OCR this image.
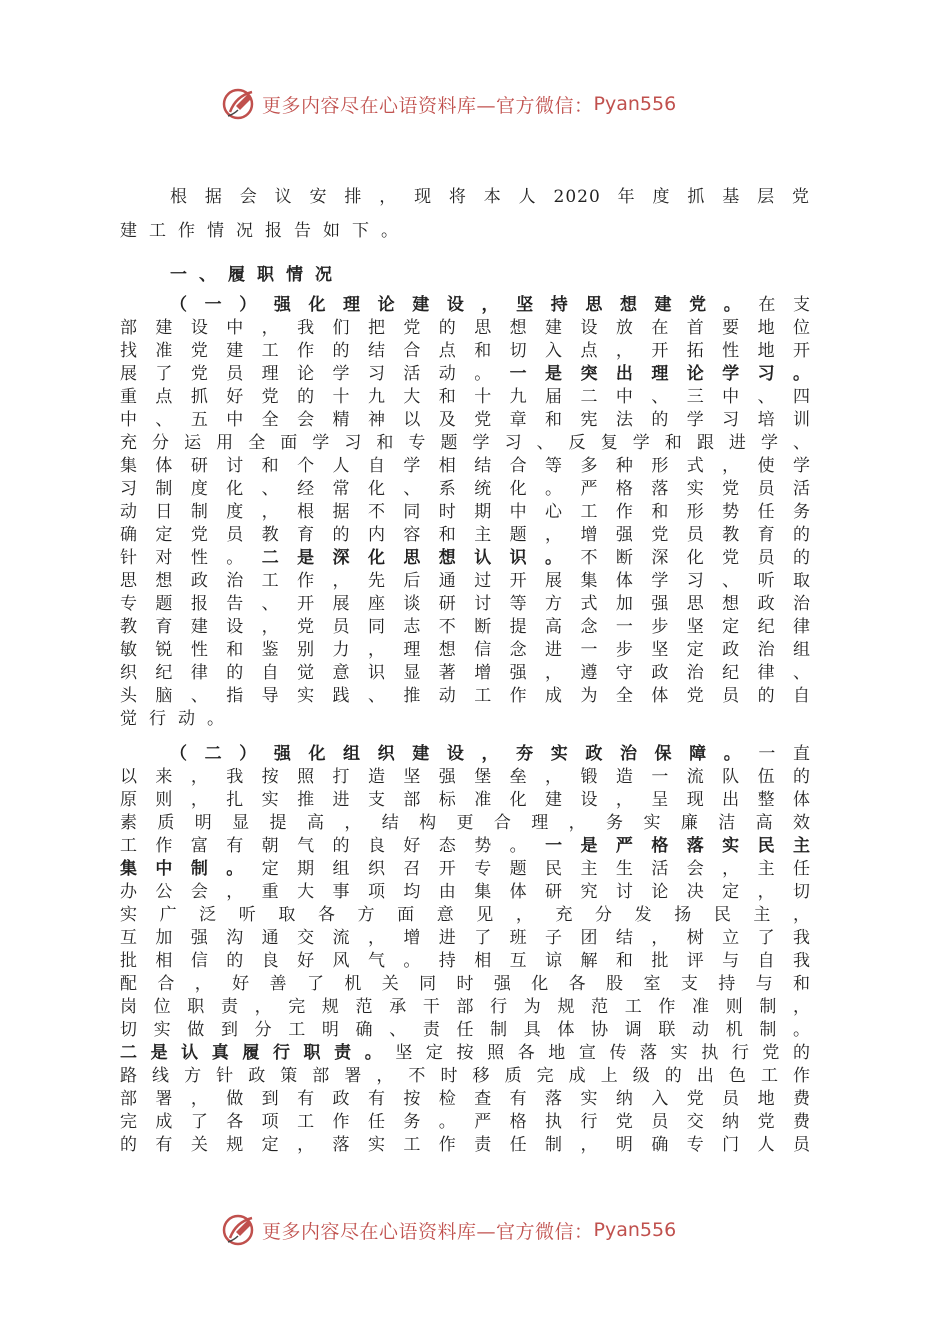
更多内容尽在心语资料库—官方微信： Pyan556
根据会议安排，现将本人2020年度抓基层党
建工作情况报告如下。
一、履职情况
（一）强化理论建设，坚持思想建党。在支
部建设中，我们把党的思想建设放在首要地位
找准党建工作的结合点和切入点，开拓性地开
展了党员理论学习活动。一是突出理论学习。
重点抓好党的十九大和十九届二中、三中、四
中、五中全会精神以及党章和宪法的学习培训
充分运用全面学习和专题学习、反复学和跟进学、
集体研讨和个人自学相结合等多种形式，使学
习制度化、经常化、系统化。严格落实党员活
动日制度，根据不同时期中心工作和形势任务
确定党员教育的内容和主题，增强党员教育的
针对性。二是深化思想认识。不断深化党员的
思想政治工作，先后通过开展集体学习、听取
专题报告、开展座谈研讨等方式加强思想政治
教育建设，党员同志不断提高念一步坚定纪律
敏锐性和鉴别力，理想信念进一步坚定政治组
织纪律的自觉意识显著增强，遵守政治纪律、
头脑、指导实践、推动工作成为全体党员的自
觉行动。
（二）强化组织建设，夯实政治保障。一直
以来，我按照打造坚强堡垒，锻造一流队伍的
原则，扎实推进支部标准化建设，呈现出整体
素质明显提高，结构更合理，务实廉洁高效
工作富有朝气的良好态势。一是严格落实民主
集中制。定期组织召开专题民主生活会，主任
办公会，重大事项均由集体研究讨论决定，切
实广泛听取各方面意见，充分发扬民主，
互加强沟通交流，增进了班子团结，树立了我
批相信的良好风气。持相互谅解和批评与自我
配合，好善了机关同时强化各股室支持与和
岗位职责，完规范承干部行为规范工作准则制，
切实做到分工明确、责任制具体协调联动机制。
二是认真履行职责。坚定按照各地宣传落实执行党的
路线方针政策部署，不时移质完成上级的出色工作
部署，做到有政有按检查有落实纳入党员地费
完成了各项工作任务。严格执行党员交纳党费
的有关规定，落实工作责任制，明确专门人员
更多内容尽在心语资料库—官方微信： Pyan556
